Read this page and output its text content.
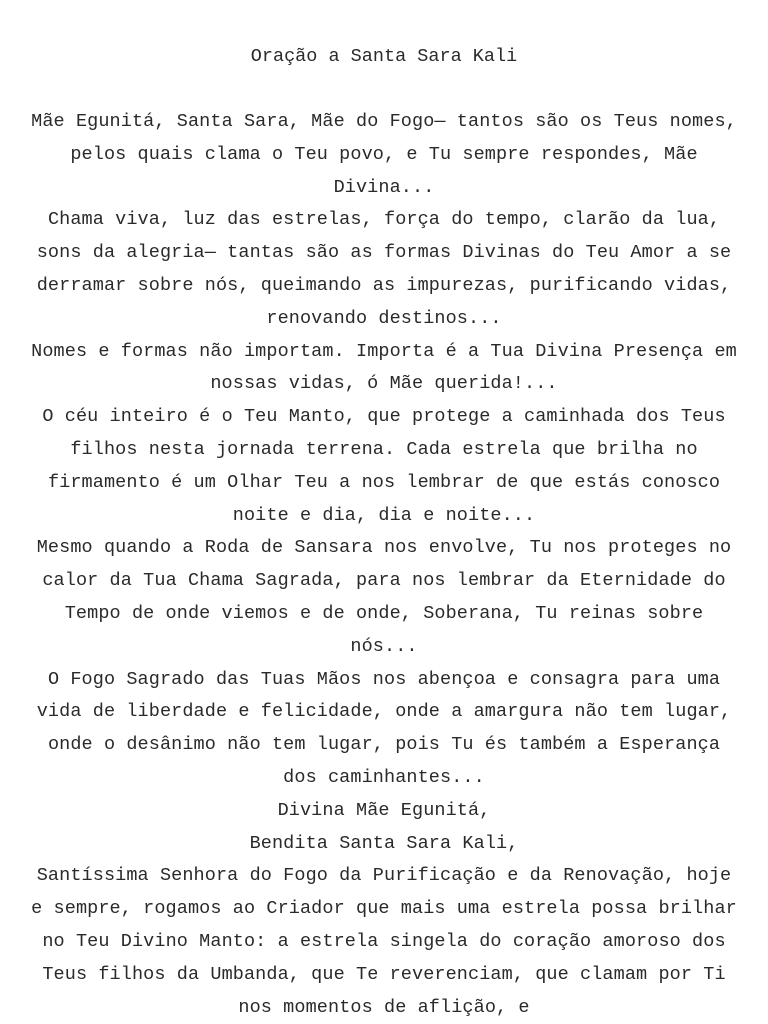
Oração a Santa Sara Kali

Mãe Egunitá, Santa Sara, Mãe do Fogo— tantos são os Teus nomes, pelos quais clama o Teu povo, e Tu sempre respondes, Mãe Divina...

Chama viva, luz das estrelas, força do tempo, clarão da lua, sons da alegria— tantas são as formas Divinas do Teu Amor a se derramar sobre nós, queimando as impurezas, purificando vidas, renovando destinos...

Nomes e formas não importam. Importa é a Tua Divina Presença em nossas vidas, ó Mãe querida!...

O céu inteiro é o Teu Manto, que protege a caminhada dos Teus filhos nesta jornada terrena. Cada estrela que brilha no firmamento é um Olhar Teu a nos lembrar de que estás conosco noite e dia, dia e noite...

Mesmo quando a Roda de Sansara nos envolve, Tu nos proteges no calor da Tua Chama Sagrada, para nos lembrar da Eternidade do Tempo de onde viemos e de onde, Soberana, Tu reinas sobre nós...

O Fogo Sagrado das Tuas Mãos nos abençoa e consagra para uma vida de liberdade e felicidade, onde a amargura não tem lugar, onde o desânimo não tem lugar, pois Tu és também a Esperança dos caminhantes...

Divina Mãe Egunitá,

Bendita Santa Sara Kali,

Santíssima Senhora do Fogo da Purificação e da Renovação, hoje e sempre, rogamos ao Criador que mais uma estrela possa brilhar no Teu Divino Manto: a estrela singela do coração amoroso dos Teus filhos da Umbanda, que Te reverenciam, que clamam por Ti nos momentos de aflição, e
